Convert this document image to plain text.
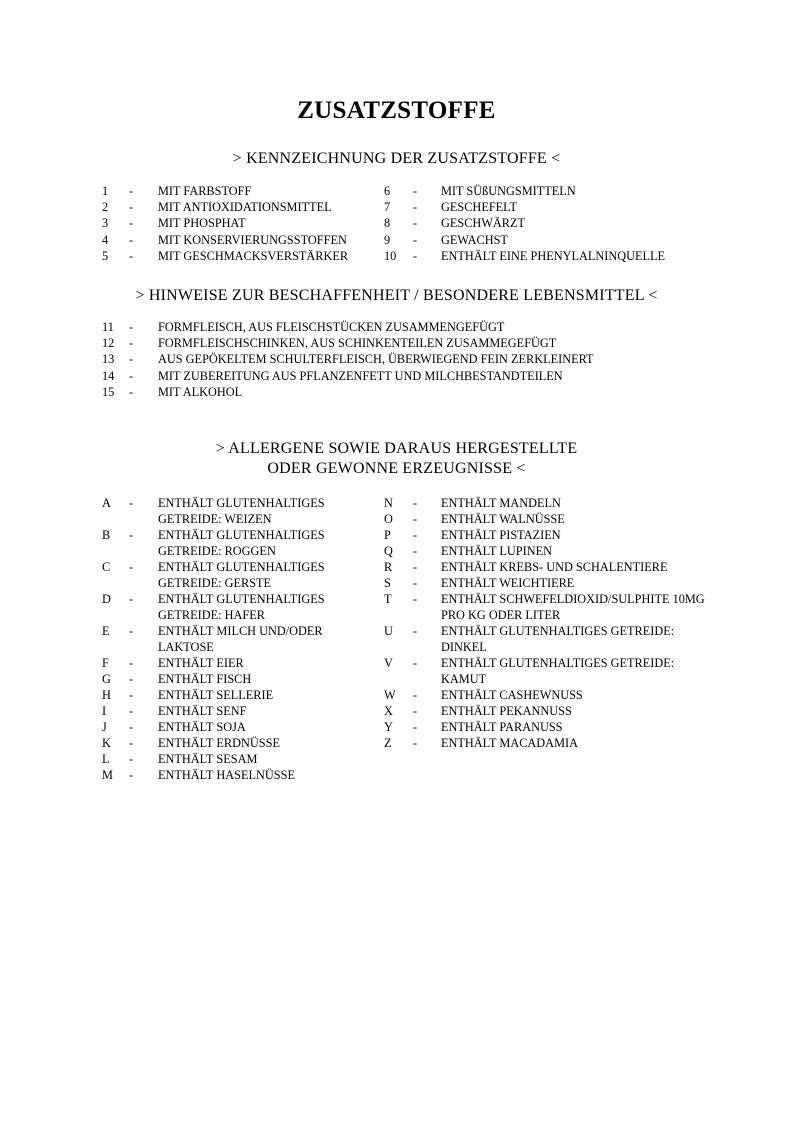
ZUSATZSTOFFE
> KENNZEICHNUNG DER ZUSATZSTOFFE <
1 - MIT FARBSTOFF
2 - MIT ANTIOXIDATIONSMITTEL
3 - MIT PHOSPHAT
4 - MIT KONSERVIERUNGSSTOFFEN
5 - MIT GESCHMACKSVERSTÄRKER
6 - MIT SÜßUNGSMITTELN
7 - GESCHEFELT
8 - GESCHWÄRZT
9 - GEWACHST
10 - ENTHÄLT EINE PHENYLALNINQUELLE
> HINWEISE ZUR BESCHAFFENHEIT / BESONDERE LEBENSMITTEL <
11 - FORMFLEISCH, AUS FLEISCHSTÜCKEN ZUSAMMENGEFÜGT
12 - FORMFLEISCHSCHINKEN, AUS SCHINKENTEILEN ZUSAMMEGEFÜGT
13 - AUS GEPÖKELTEM SCHULTERFLEISCH, ÜBERWIEGEND FEIN ZERKLEINERT
14 - MIT ZUBEREITUNG AUS PFLANZENFETT UND MILCHBESTANDTEILEN
15 - MIT ALKOHOL
> ALLERGENE SOWIE DARAUS HERGESTELLTE
ODER GEWONNE ERZEUGNISSE <
A - ENTHÄLT GLUTENHALTIGES
GETREIDE: WEIZEN
B - ENTHÄLT GLUTENHALTIGES
GETREIDE: ROGGEN
C - ENTHÄLT GLUTENHALTIGES
GETREIDE: GERSTE
D - ENTHÄLT GLUTENHALTIGES
GETREIDE: HAFER
E - ENTHÄLT MILCH UND/ODER
LAKTOSE
F - ENTHÄLT EIER
G - ENTHÄLT FISCH
H - ENTHÄLT SELLERIE
I - ENTHÄLT SENF
J - ENTHÄLT SOJA
K - ENTHÄLT ERDNÜSSE
L - ENTHÄLT SESAM
M - ENTHÄLT HASELNÜSSE
N - ENTHÄLT MANDELN
O - ENTHÄLT WALNÜSSE
P - ENTHÄLT PISTAZIEN
Q - ENTHÄLT LUPINEN
R - ENTHÄLT KREBS- UND SCHALENTIERE
S - ENTHÄLT WEICHTIERE
T - ENTHÄLT SCHWEFELDIOXID/SULPHITE 10MG
PRO KG ODER LITER
U - ENTHÄLT GLUTENHALTIGES GETREIDE:
DINKEL
V - ENTHÄLT GLUTENHALTIGES GETREIDE:
KAMUT
W - ENTHÄLT CASHEWNUSS
X - ENTHÄLT PEKANNUSS
Y - ENTHÄLT PARANUSS
Z - ENTHÄLT MACADAMIA
